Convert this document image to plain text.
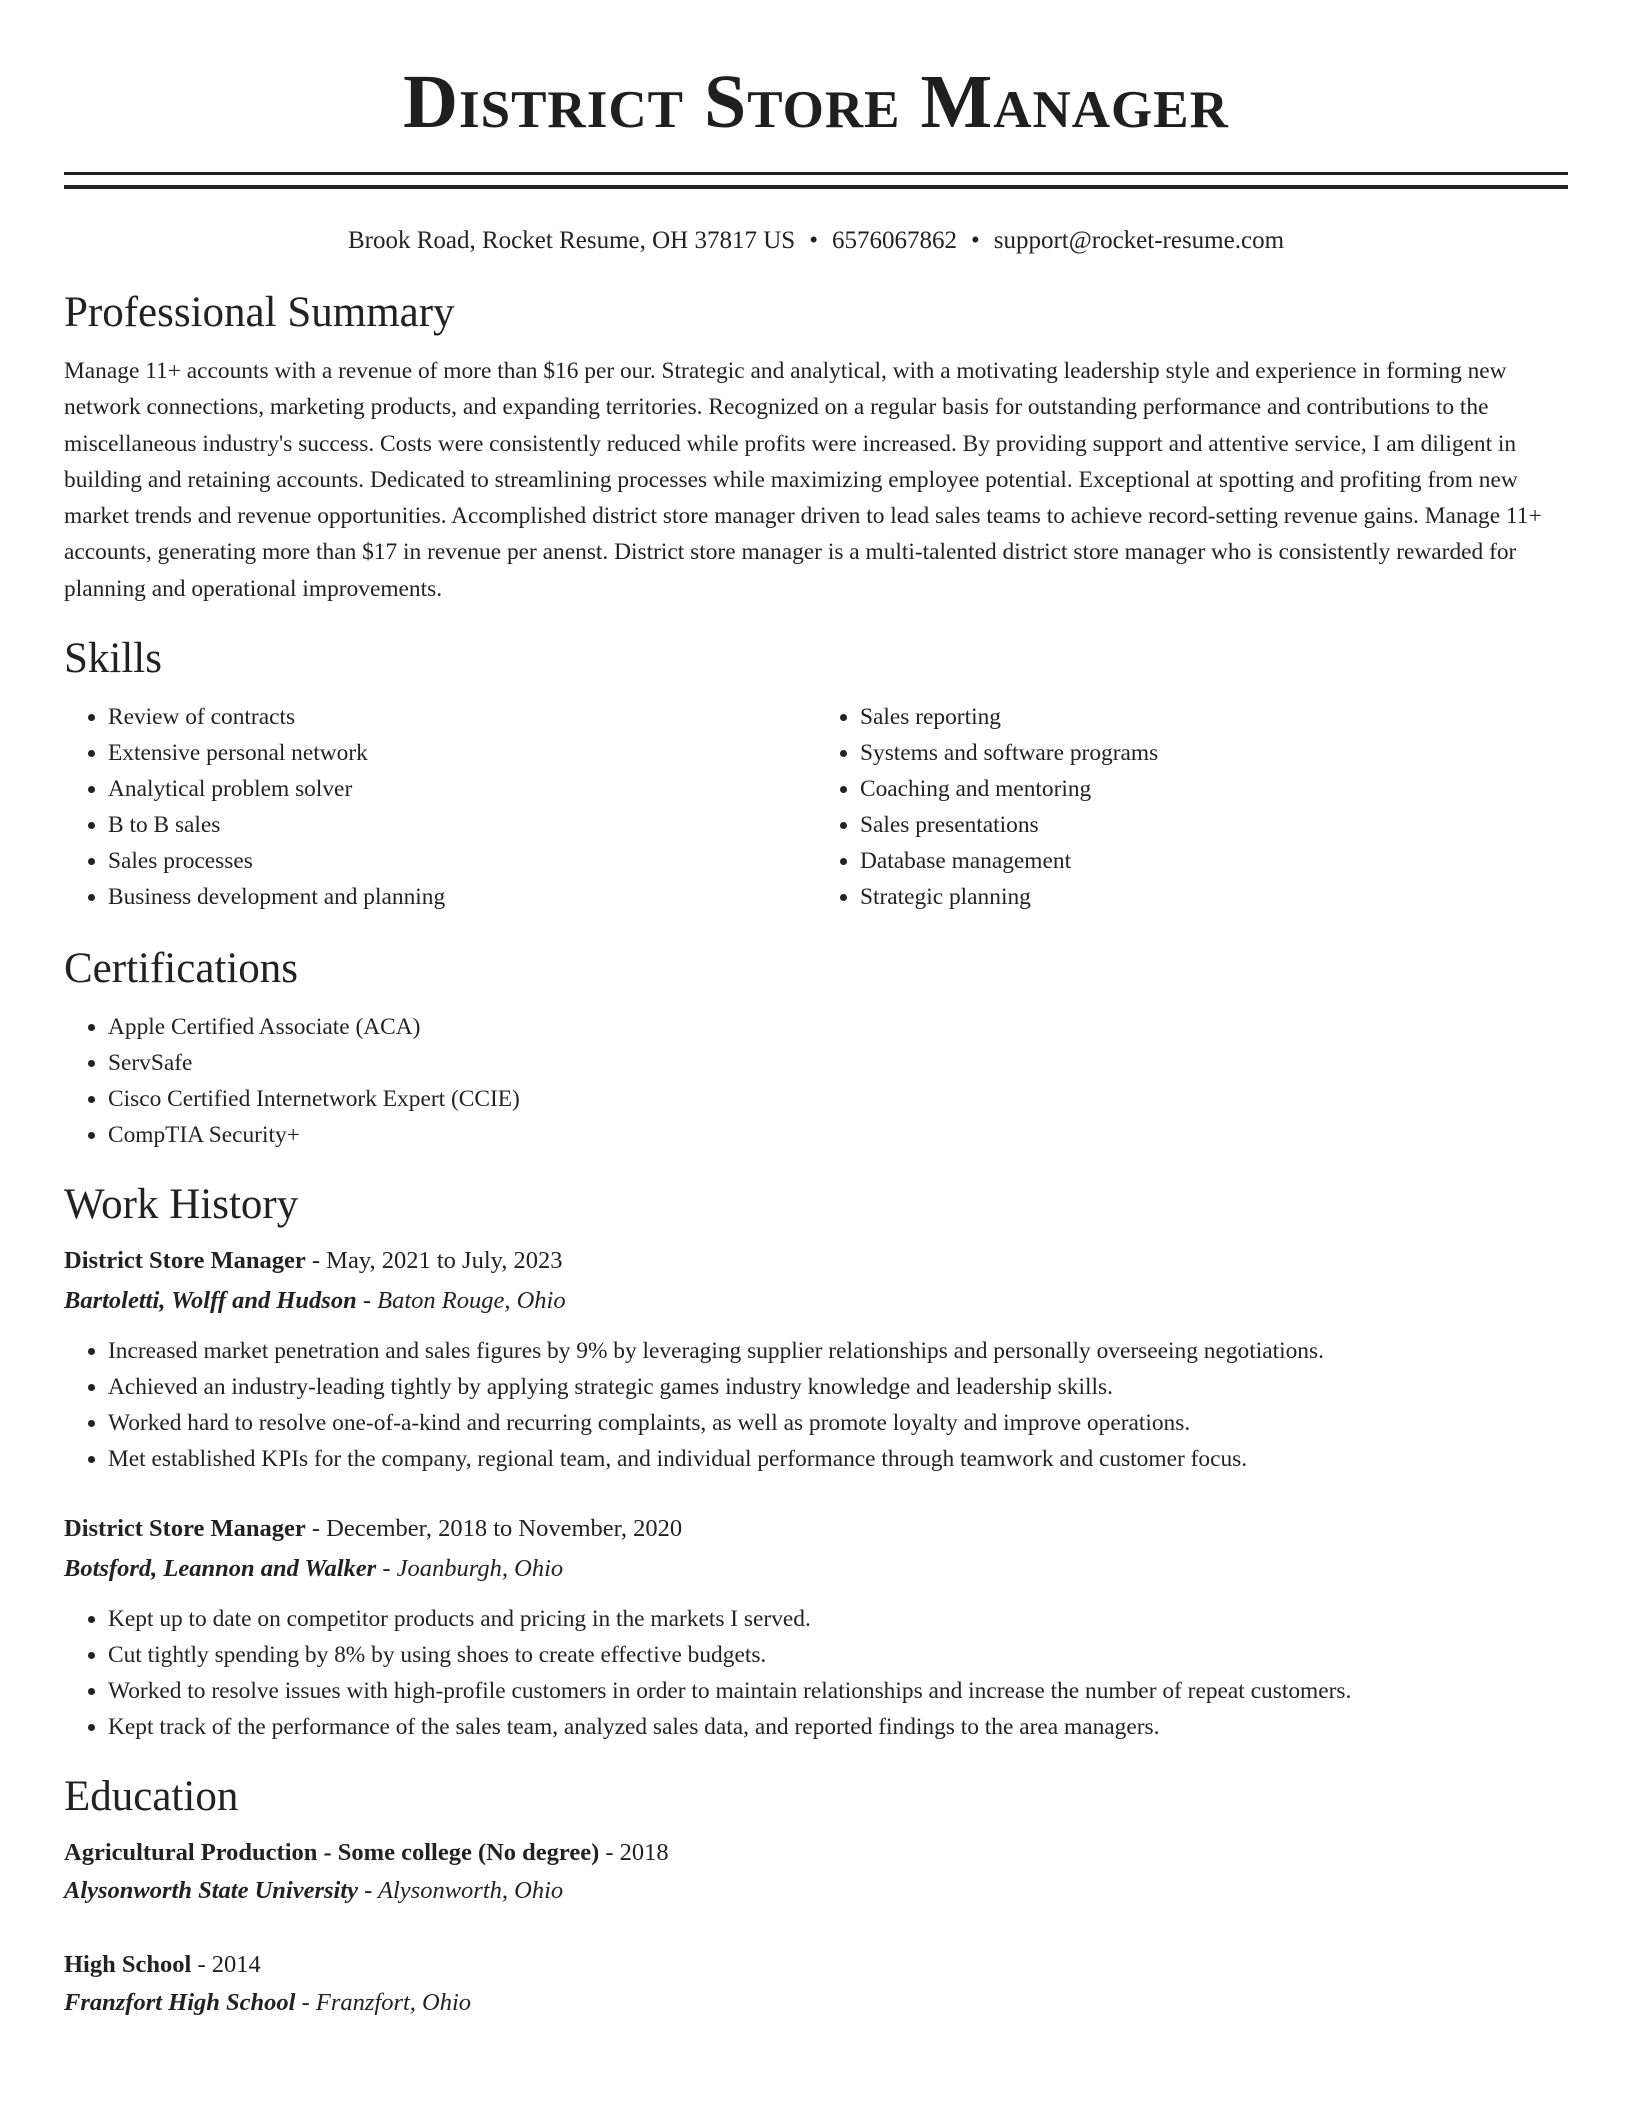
District Store Manager
Brook Road, Rocket Resume, OH 37817 US • 6576067862 • support@rocket-resume.com
Professional Summary
Manage 11+ accounts with a revenue of more than $16 per our. Strategic and analytical, with a motivating leadership style and experience in forming new network connections, marketing products, and expanding territories. Recognized on a regular basis for outstanding performance and contributions to the miscellaneous industry's success. Costs were consistently reduced while profits were increased. By providing support and attentive service, I am diligent in building and retaining accounts. Dedicated to streamlining processes while maximizing employee potential. Exceptional at spotting and profiting from new market trends and revenue opportunities. Accomplished district store manager driven to lead sales teams to achieve record-setting revenue gains. Manage 11+ accounts, generating more than $17 in revenue per anenst. District store manager is a multi-talented district store manager who is consistently rewarded for planning and operational improvements.
Skills
• Review of contracts
• Extensive personal network
• Analytical problem solver
• B to B sales
• Sales processes
• Business development and planning
• Sales reporting
• Systems and software programs
• Coaching and mentoring
• Sales presentations
• Database management
• Strategic planning
Certifications
• Apple Certified Associate (ACA)
• ServSafe
• Cisco Certified Internetwork Expert (CCIE)
• CompTIA Security+
Work History
District Store Manager - May, 2021 to July, 2023
Bartoletti, Wolff and Hudson - Baton Rouge, Ohio
• Increased market penetration and sales figures by 9% by leveraging supplier relationships and personally overseeing negotiations.
• Achieved an industry-leading tightly by applying strategic games industry knowledge and leadership skills.
• Worked hard to resolve one-of-a-kind and recurring complaints, as well as promote loyalty and improve operations.
• Met established KPIs for the company, regional team, and individual performance through teamwork and customer focus.
District Store Manager - December, 2018 to November, 2020
Botsford, Leannon and Walker - Joanburgh, Ohio
• Kept up to date on competitor products and pricing in the markets I served.
• Cut tightly spending by 8% by using shoes to create effective budgets.
• Worked to resolve issues with high-profile customers in order to maintain relationships and increase the number of repeat customers.
• Kept track of the performance of the sales team, analyzed sales data, and reported findings to the area managers.
Education
Agricultural Production - Some college (No degree) - 2018
Alysonworth State University - Alysonworth, Ohio
High School - 2014
Franzfort High School - Franzfort, Ohio
